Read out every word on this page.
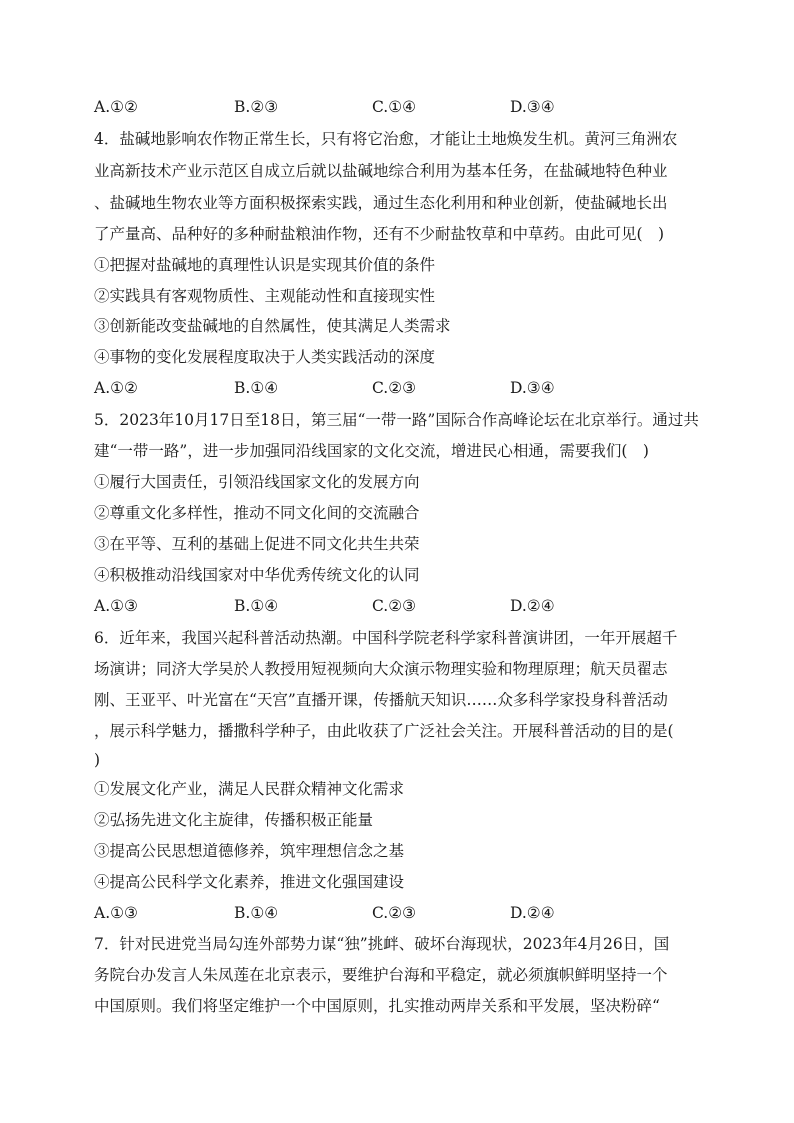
A.①②	B.②③	C.①④	D.③④
4．盐碱地影响农作物正常生长，只有将它治愈，才能让土地焕发生机。黄河三角洲农
业高新技术产业示范区自成立后就以盐碱地综合利用为基本任务，在盐碱地特色种业
、盐碱地生物农业等方面积极探索实践，通过生态化利用和种业创新，使盐碱地长出
了产量高、品种好的多种耐盐粮油作物，还有不少耐盐牧草和中草药。由此可见(　)
①把握对盐碱地的真理性认识是实现其价值的条件
②实践具有客观物质性、主观能动性和直接现实性
③创新能改变盐碱地的自然属性，使其满足人类需求
④事物的变化发展程度取决于人类实践活动的深度
A.①②	B.①④	C.②③	D.③④
5．2023年10月17日至18日，第三届“一带一路”国际合作高峰论坛在北京举行。通过共
建“一带一路”，进一步加强同沿线国家的文化交流，增进民心相通，需要我们(　)
①履行大国责任，引领沿线国家文化的发展方向
②尊重文化多样性，推动不同文化间的交流融合
③在平等、互利的基础上促进不同文化共生共荣
④积极推动沿线国家对中华优秀传统文化的认同
A.①③	B.①④	C.②③	D.②④
6．近年来，我国兴起科普活动热潮。中国科学院老科学家科普演讲团，一年开展超千
场演讲；同济大学吴於人教授用短视频向大众演示物理实验和物理原理；航天员翟志
刚、王亚平、叶光富在“天宫”直播开课，传播航天知识……众多科学家投身科普活动
，展示科学魅力，播撒科学种子，由此收获了广泛社会关注。开展科普活动的目的是(
)
①发展文化产业，满足人民群众精神文化需求
②弘扬先进文化主旋律，传播积极正能量
③提高公民思想道德修养，筑牢理想信念之基
④提高公民科学文化素养，推进文化强国建设
A.①③	B.①④	C.②③	D.②④
7．针对民进党当局勾连外部势力谋“独”挑衅、破坏台海现状，2023年4月26日，国
务院台办发言人朱凤莲在北京表示，要维护台海和平稳定，就必须旗帜鲜明坚持一个
中国原则。我们将坚定维护一个中国原则，扎实推动两岸关系和平发展，坚决粉碎“
